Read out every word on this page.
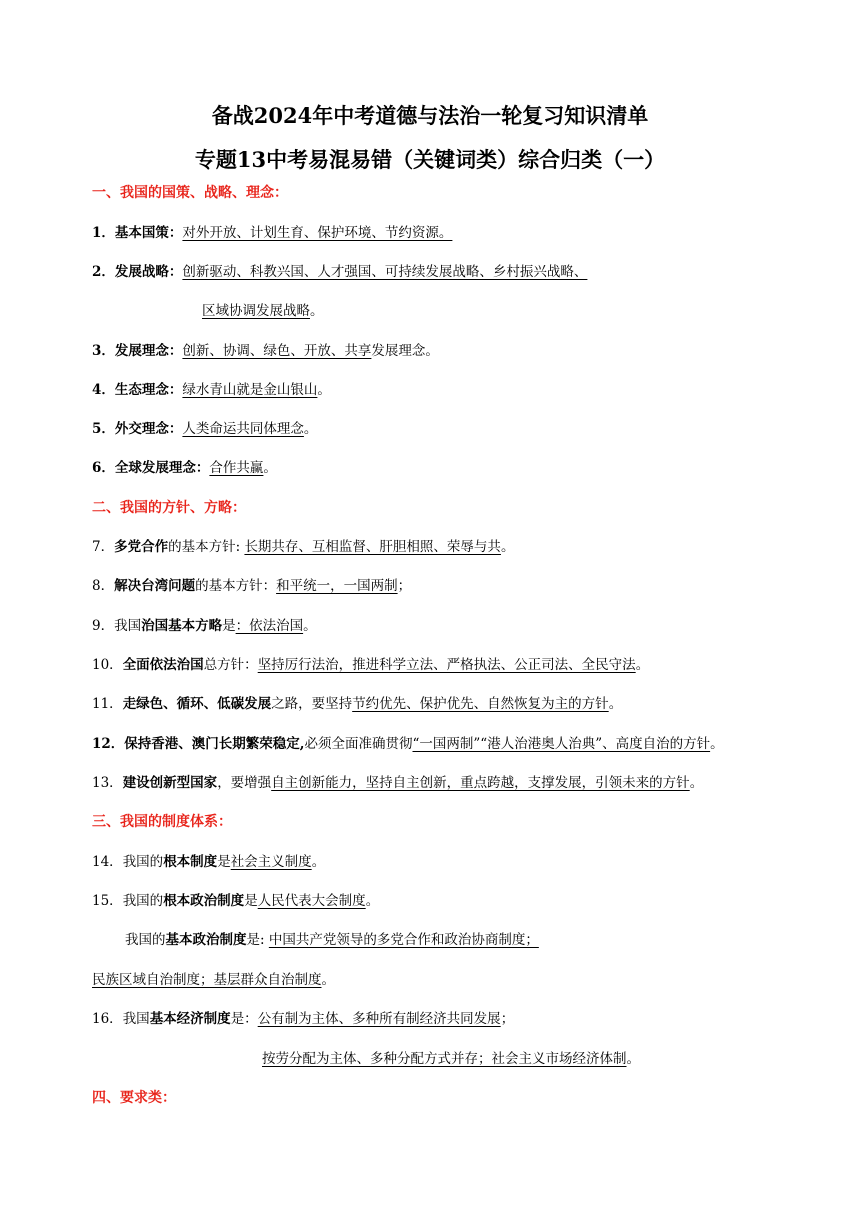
备战2024年中考道德与法治一轮复习知识清单
专题13中考易混易错（关键词类）综合归类（一）
一、我国的国策、战略、理念：
1．基本国策：对外开放、计划生育、保护环境、节约资源。
2．发展战略：创新驱动、科教兴国、人才强国、可持续发展战略、乡村振兴战略、
区域协调发展战略。
3．发展理念：创新、协调、绿色、开放、共享发展理念。
4．生态理念：绿水青山就是金山银山。
5．外交理念：人类命运共同体理念。
6．全球发展理念：合作共赢。
二、我国的方针、方略：
7．多党合作的基本方针: 长期共存、互相监督、肝胆相照、荣辱与共。
8．解决台湾问题的基本方针：和平统一，一国两制；
9．我国治国基本方略是：依法治国。
10．全面依法治国总方针：坚持厉行法治，推进科学立法、严格执法、公正司法、全民守法。
11．走绿色、循环、低碳发展之路，要坚持节约优先、保护优先、自然恢复为主的方针。
12．保持香港、澳门长期繁荣稳定,必须全面准确贯彻“一国两制”“港人治港奥人治典”、高度自治的方针。
13．建设创新型国家，要增强自主创新能力，坚持自主创新，重点跨越，支撑发展，引领未来的方针。
三、我国的制度体系：
14．我国的根本制度是社会主义制度。
15．我国的根本政治制度是人民代表大会制度。
我国的基本政治制度是: 中国共产党领导的多党合作和政治协商制度；
民族区域自治制度；基层群众自治制度。
16．我国基本经济制度是：公有制为主体、多种所有制经济共同发展；
按劳分配为主体、多种分配方式并存；社会主义市场经济体制。
四、要求类：
